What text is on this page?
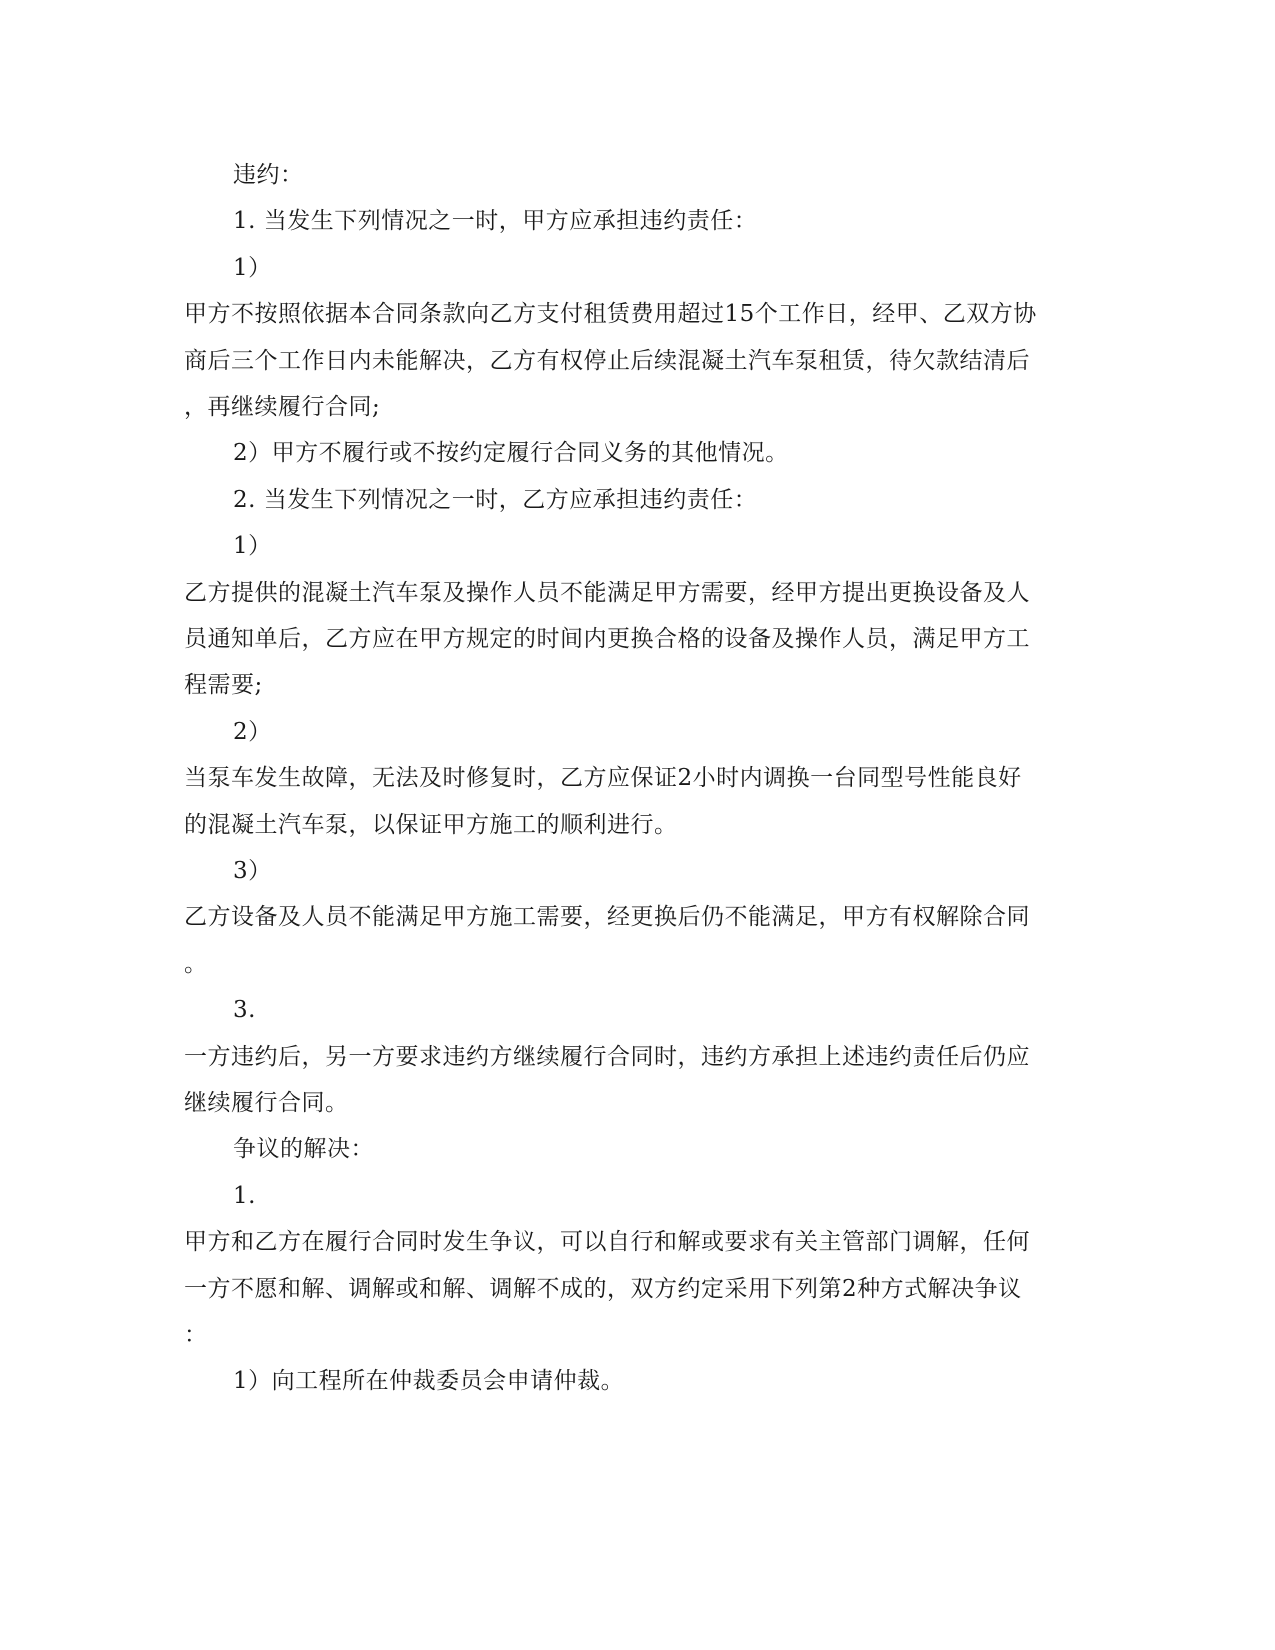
违约：
1. 当发生下列情况之一时，甲方应承担违约责任：
1）
甲方不按照依据本合同条款向乙方支付租赁费用超过15个工作日，经甲、乙双方协
商后三个工作日内未能解决，乙方有权停止后续混凝土汽车泵租赁，待欠款结清后
，再继续履行合同;
2）甲方不履行或不按约定履行合同义务的其他情况。
2. 当发生下列情况之一时，乙方应承担违约责任：
1）
乙方提供的混凝土汽车泵及操作人员不能满足甲方需要，经甲方提出更换设备及人
员通知单后，乙方应在甲方规定的时间内更换合格的设备及操作人员，满足甲方工
程需要;
2）
当泵车发生故障，无法及时修复时，乙方应保证2小时内调换一台同型号性能良好
的混凝土汽车泵，以保证甲方施工的顺利进行。
3）
乙方设备及人员不能满足甲方施工需要，经更换后仍不能满足，甲方有权解除合同
。
3.
一方违约后，另一方要求违约方继续履行合同时，违约方承担上述违约责任后仍应
继续履行合同。
争议的解决：
1.
甲方和乙方在履行合同时发生争议，可以自行和解或要求有关主管部门调解，任何
一方不愿和解、调解或和解、调解不成的，双方约定采用下列第2种方式解决争议
：
1）向工程所在仲裁委员会申请仲裁。
